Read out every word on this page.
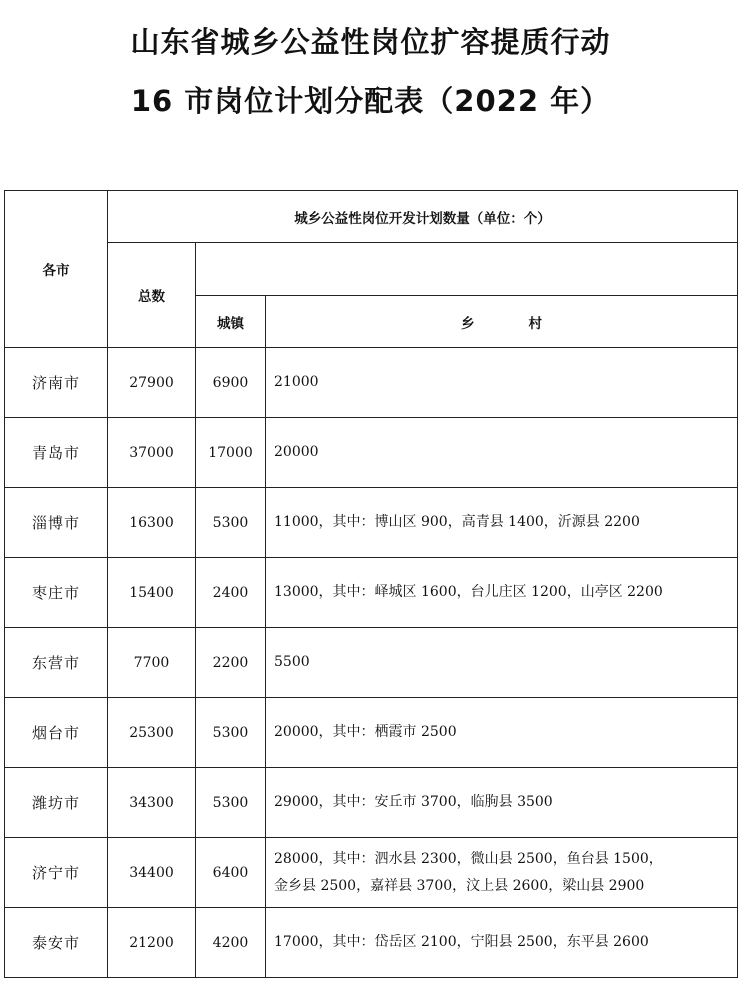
山东省城乡公益性岗位扩容提质行动
16 市岗位计划分配表（2022 年）
各市	城乡公益性岗位开发计划数量（单位：个）		
	总数		
		城镇	乡　　　　村
济南市	27900	6900	21000
青岛市	37000	17000	20000
淄博市	16300	5300	11000，其中：博山区 900，高青县 1400，沂源县 2200
枣庄市	15400	2400	13000，其中：峄城区 1600，台儿庄区 1200，山亭区 2200
东营市	7700	2200	5500
烟台市	25300	5300	20000，其中：栖霞市 2500
潍坊市	34300	5300	29000，其中：安丘市 3700，临朐县 3500
济宁市	34400	6400	28000，其中：泗水县 2300，微山县 2500，鱼台县 1500，
金乡县 2500，嘉祥县 3700，汶上县 2600，梁山县 2900

泰安市	21200	4200	17000，其中：岱岳区 2100，宁阳县 2500，东平县 2600
